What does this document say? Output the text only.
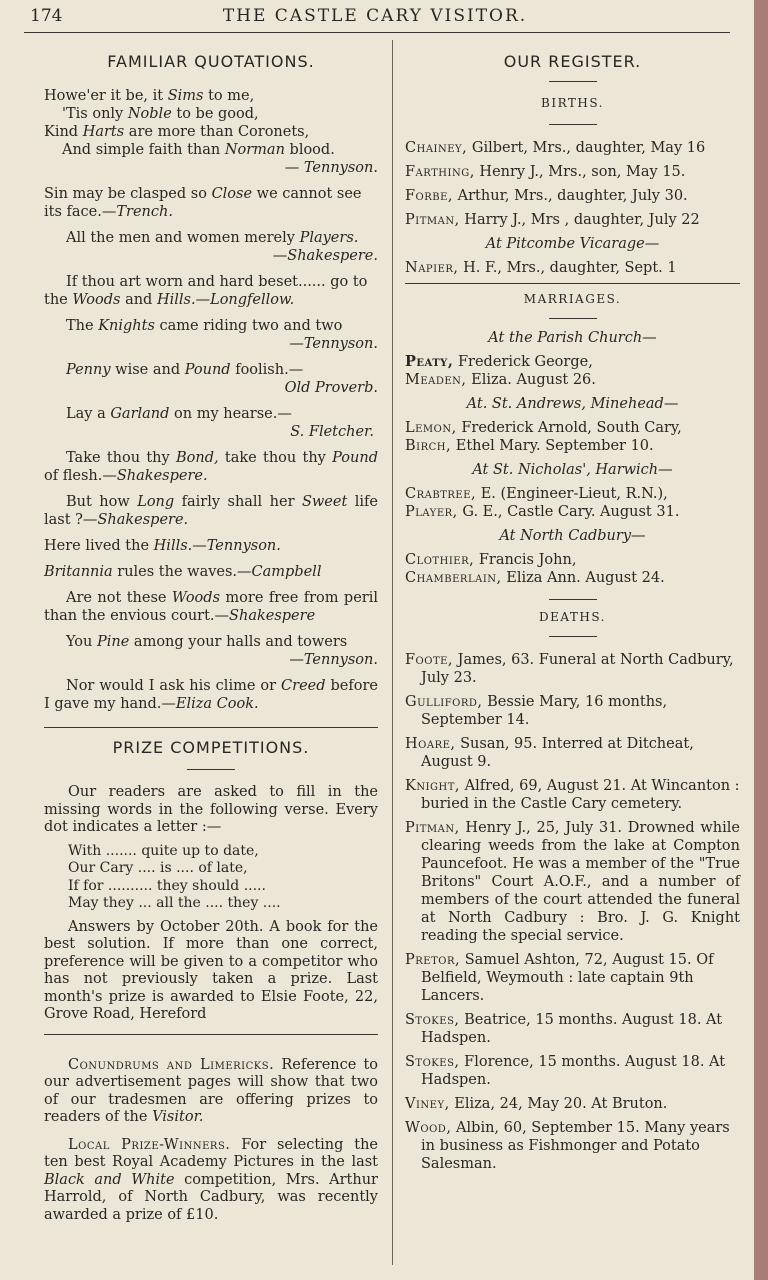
174	THE CASTLE CARY VISITOR.
FAMILIAR QUOTATIONS.
Howe'er it be, it Sims to me,
'Tis only Noble to be good,
Kind Harts are more than Coronets,
And simple faith than Norman blood.
— Tennyson.
Sin may be clasped so Close we cannot see its face.—Trench.
All the men and women merely Players.
—Shakespere.
If thou art worn and hard beset...... go to the Woods and Hills.—Longfellow.
The Knights came riding two and two
—Tennyson.
Penny wise and Pound foolish.—
Old Proverb.
Lay a Garland on my hearse.—
S. Fletcher.
Take thou thy Bond, take thou thy Pound of flesh.—Shakespere.
But how Long fairly shall her Sweet life last ?—Shakespere.
Here lived the Hills.—Tennyson.
Britannia rules the waves.—Campbell
Are not these Woods more free from peril than the envious court.—Shakespere
You Pine among your halls and towers
—Tennyson.
Nor would I ask his clime or Creed before I gave my hand.—Eliza Cook.
PRIZE COMPETITIONS.
Our readers are asked to fill in the missing words in the following verse. Every dot indicates a letter :—
With ....... quite up to date,
Our Cary .... is .... of late,
If for .......... they should .....
May they ... all the .... they ....
Answers by October 20th. A book for the best solution. If more than one correct, preference will be given to a competitor who has not previously taken a prize. Last month's prize is awarded to Elsie Foote, 22, Grove Road, Hereford
Conundrums and Limericks. Reference to our advertisement pages will show that two of our tradesmen are offering prizes to readers of the Visitor.
Local Prize-Winners. For selecting the ten best Royal Academy Pictures in the last Black and White competition, Mrs. Arthur Harrold, of North Cadbury, was recently awarded a prize of £10.
OUR REGISTER.
BIRTHS.
Chainey, Gilbert, Mrs., daughter, May 16
Farthing, Henry J., Mrs., son, May 15.
Forbe, Arthur, Mrs., daughter, July 30.
Pitman, Harry J., Mrs , daughter, July 22
At Pitcombe Vicarage—
Napier, H. F., Mrs., daughter, Sept. 1
MARRIAGES.
At the Parish Church—
Peaty, Frederick George,
Meaden, Eliza. August 26.
At. St. Andrews, Minehead—
Lemon, Frederick Arnold, South Cary,
Birch, Ethel Mary. September 10.
At St. Nicholas', Harwich—
Crabtree, E. (Engineer-Lieut, R.N.),
Player, G. E., Castle Cary. August 31.
At North Cadbury—
Clothier, Francis John,
Chamberlain, Eliza Ann. August 24.
DEATHS.
Foote, James, 63. Funeral at North Cadbury, July 23.
Gulliford, Bessie Mary, 16 months, September 14.
Hoare, Susan, 95. Interred at Ditcheat, August 9.
Knight, Alfred, 69, August 21. At Wincanton : buried in the Castle Cary cemetery.
Pitman, Henry J., 25, July 31. Drowned while clearing weeds from the lake at Compton Pauncefoot. He was a member of the "True Britons" Court A.O.F., and a number of members of the court attended the funeral at North Cadbury : Bro. J. G. Knight reading the special service.
Pretor, Samuel Ashton, 72, August 15. Of Belfield, Weymouth : late captain 9th Lancers.
Stokes, Beatrice, 15 months. August 18. At Hadspen.
Stokes, Florence, 15 months. August 18. At Hadspen.
Viney, Eliza, 24, May 20. At Bruton.
Wood, Albin, 60, September 15. Many years in business as Fishmonger and Potato Salesman.
